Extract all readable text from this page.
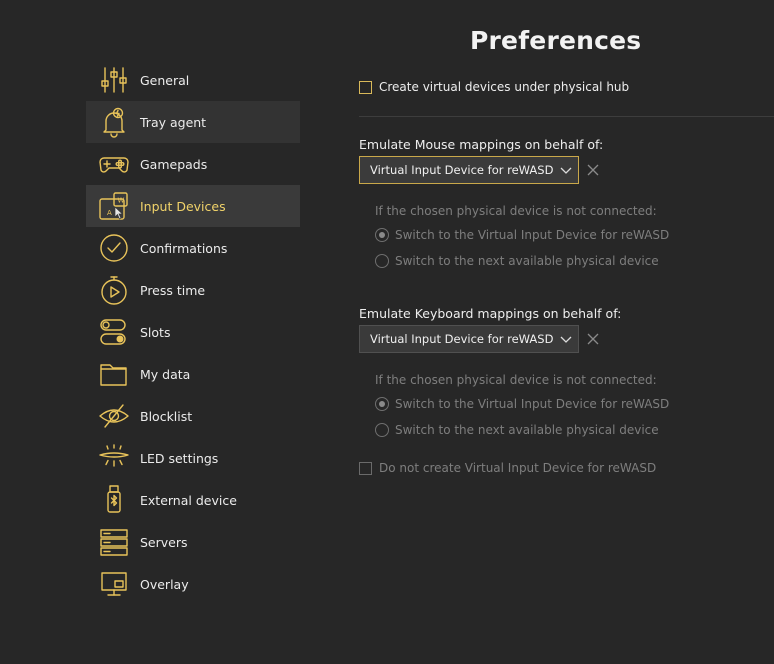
Preferences
General
Tray agent
Gamepads
A
W Input Devices
Confirmations
Press time
Slots
My data
Blocklist
LED settings
External device
Servers
Overlay
Create virtual devices under physical hub
Emulate Mouse mappings on behalf of:
Virtual Input Device for reWASD
If the chosen physical device is not connected:
Switch to the Virtual Input Device for reWASD
Switch to the next available physical device
Emulate Keyboard mappings on behalf of:
Virtual Input Device for reWASD
If the chosen physical device is not connected:
Switch to the Virtual Input Device for reWASD
Switch to the next available physical device
Do not create Virtual Input Device for reWASD
